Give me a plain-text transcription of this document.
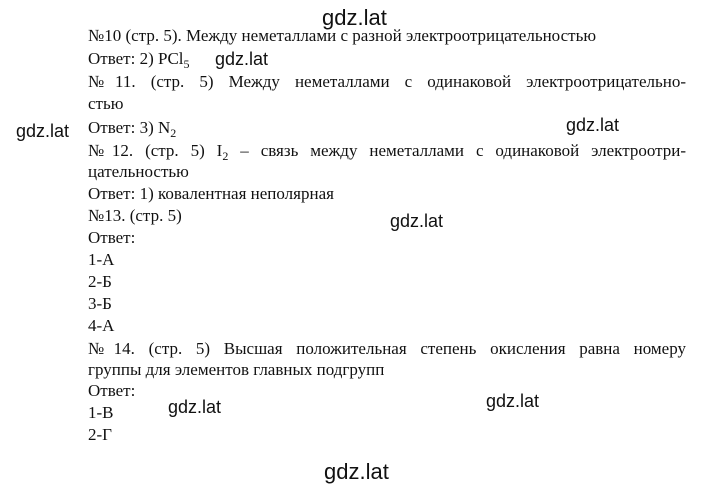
gdz.lat
gdz.lat
gdz.lat	gdz.lat
gdz.lat
gdz.lat	gdz.lat
gdz.lat
№10 (стр. 5). Между неметаллами с разной электроотрицательностью
Ответ: 2) PCl$_5$
№11. (стр. 5) Между неметаллами с одинаковой электроотрицательно-
стью
Ответ: 3) $N_2$
№12. (стр. 5) $I_2$ – связь между неметаллами с одинаковой электроотри-
цательностью
Ответ: 1) ковалентная неполярная
№13. (стр. 5)
Ответ:
1-А
2-Б
3-Б
4-А
№14. (стр. 5) Высшая положительная степень окисления равна номеру
группы для элементов главных подгрупп
Ответ:
1-В
2-Г
